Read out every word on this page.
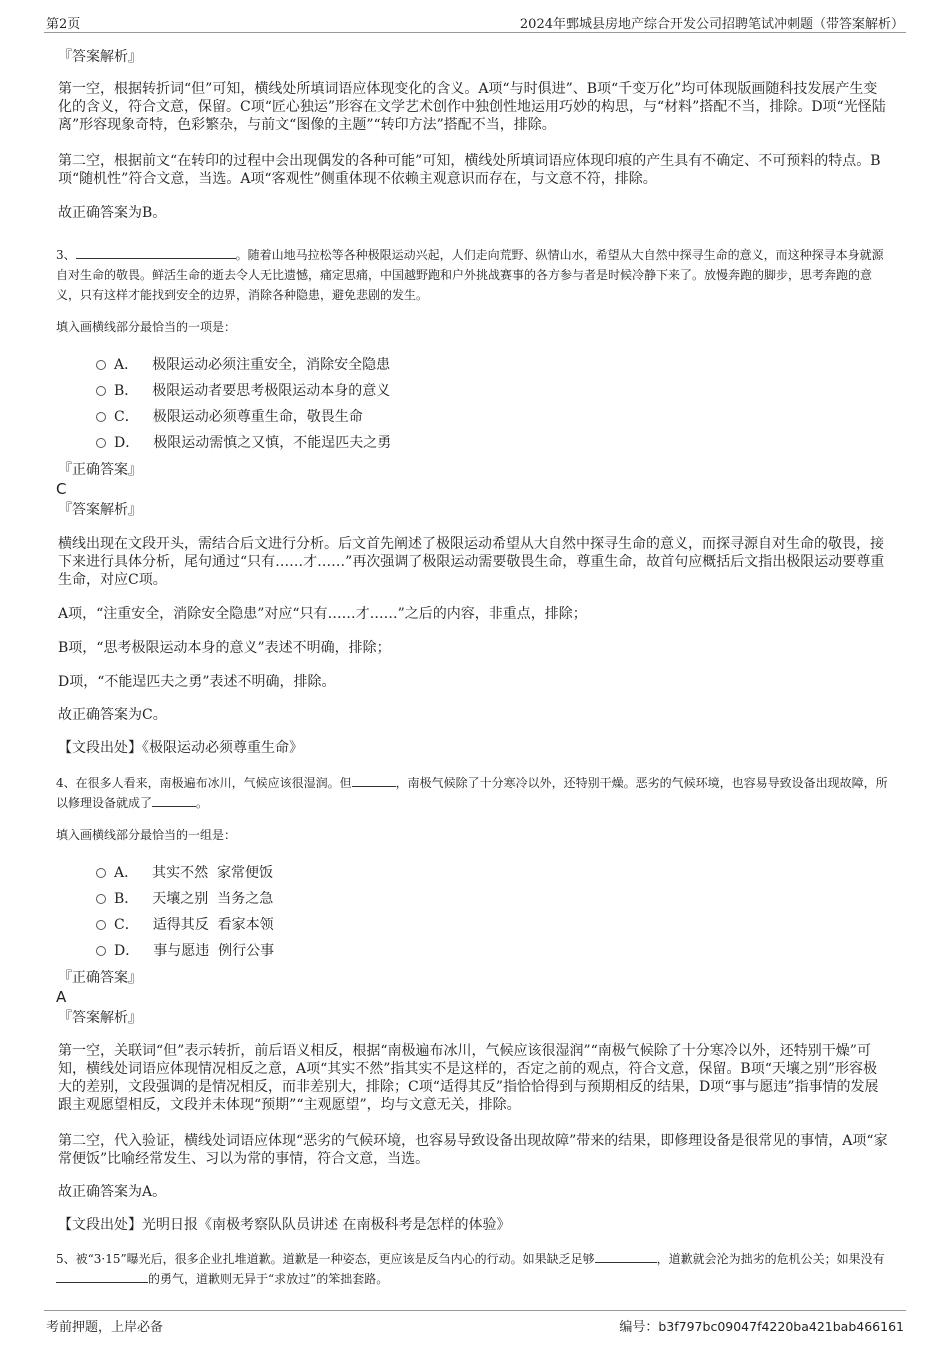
第2页	2024年鄄城县房地产综合开发公司招聘笔试冲刺题（带答案解析）
『答案解析』
第一空，根据转折词“但”可知，横线处所填词语应体现变化的含义。A项“与时俱进”、B项“千变万化”均可体现版画随科技发展产生变化的含义，符合文意，保留。C项“匠心独运”形容在文学艺术创作中独创性地运用巧妙的构思，与“材料”搭配不当，排除。D项“光怪陆离”形容现象奇特，色彩繁杂，与前文“图像的主题”“转印方法”搭配不当，排除。
第二空，根据前文“在转印的过程中会出现偶发的各种可能”可知，横线处所填词语应体现印痕的产生具有不确定、不可预料的特点。B项“随机性”符合文意，当选。A项“客观性”侧重体现不依赖主观意识而存在，与文意不符，排除。
故正确答案为B。
3、	。随着山地马拉松等各种极限运动兴起，人们走向荒野、纵情山水，希望从大自然中探寻生命的意义，而这种探寻本身就源自对生命的敬畏。鲜活生命的逝去令人无比遗憾，痛定思痛，中国越野跑和户外挑战赛事的各方参与者是时候冷静下来了。放慢奔跑的脚步，思考奔跑的意义，只有这样才能找到安全的边界，消除各种隐患，避免悲剧的发生。
填入画横线部分最恰当的一项是：
A． 极限运动必须注重安全，消除安全隐患
B． 极限运动者要思考极限运动本身的意义
C． 极限运动必须尊重生命，敬畏生命
D． 极限运动需慎之又慎，不能逞匹夫之勇
『正确答案』
C
『答案解析』
横线出现在文段开头，需结合后文进行分析。后文首先阐述了极限运动希望从大自然中探寻生命的意义，而探寻源自对生命的敬畏，接下来进行具体分析，尾句通过“只有……才……”再次强调了极限运动需要敬畏生命，尊重生命，故首句应概括后文指出极限运动要尊重生命，对应C项。
A项，“注重安全，消除安全隐患”对应“只有……才……”之后的内容，非重点，排除；
B项，“思考极限运动本身的意义”表述不明确，排除；
D项，“不能逞匹夫之勇”表述不明确，排除。
故正确答案为C。
【文段出处】《极限运动必须尊重生命》
4、在很多人看来，南极遍布冰川，气候应该很湿润。但	，南极气候除了十分寒冷以外，还特别干燥。恶劣的气候环境，也容易导致设备出现故障，所以修理设备就成了	。
填入画横线部分最恰当的一组是：
A． 其实不然  家常便饭
B． 天壤之别  当务之急
C． 适得其反  看家本领
D． 事与愿违  例行公事
『正确答案』
A
『答案解析』
第一空，关联词“但”表示转折，前后语义相反，根据“南极遍布冰川，气候应该很湿润”“南极气候除了十分寒冷以外，还特别干燥”可知，横线处词语应体现情况相反之意，A项“其实不然”指其实不是这样的，否定之前的观点，符合文意，保留。B项“天壤之别”形容极大的差别，文段强调的是情况相反，而非差别大，排除；C项“适得其反”指恰恰得到与预期相反的结果，D项“事与愿违”指事情的发展跟主观愿望相反，文段并未体现“预期”“主观愿望”，均与文意无关，排除。
第二空，代入验证，横线处词语应体现“恶劣的气候环境，也容易导致设备出现故障”带来的结果，即修理设备是很常见的事情，A项“家常便饭”比喻经常发生、习以为常的事情，符合文意，当选。
故正确答案为A。
【文段出处】光明日报《南极考察队队员讲述 在南极科考是怎样的体验》
5、被“3·15”曝光后，很多企业扎堆道歉。道歉是一种姿态，更应该是反刍内心的行动。如果缺乏足够	，道歉就会沦为拙劣的危机公关；如果没有的勇气，道歉则无异于“求放过”的笨拙套路。
考前押题，上岸必备	编号：b3f797bc09047f4220ba421bab466161
